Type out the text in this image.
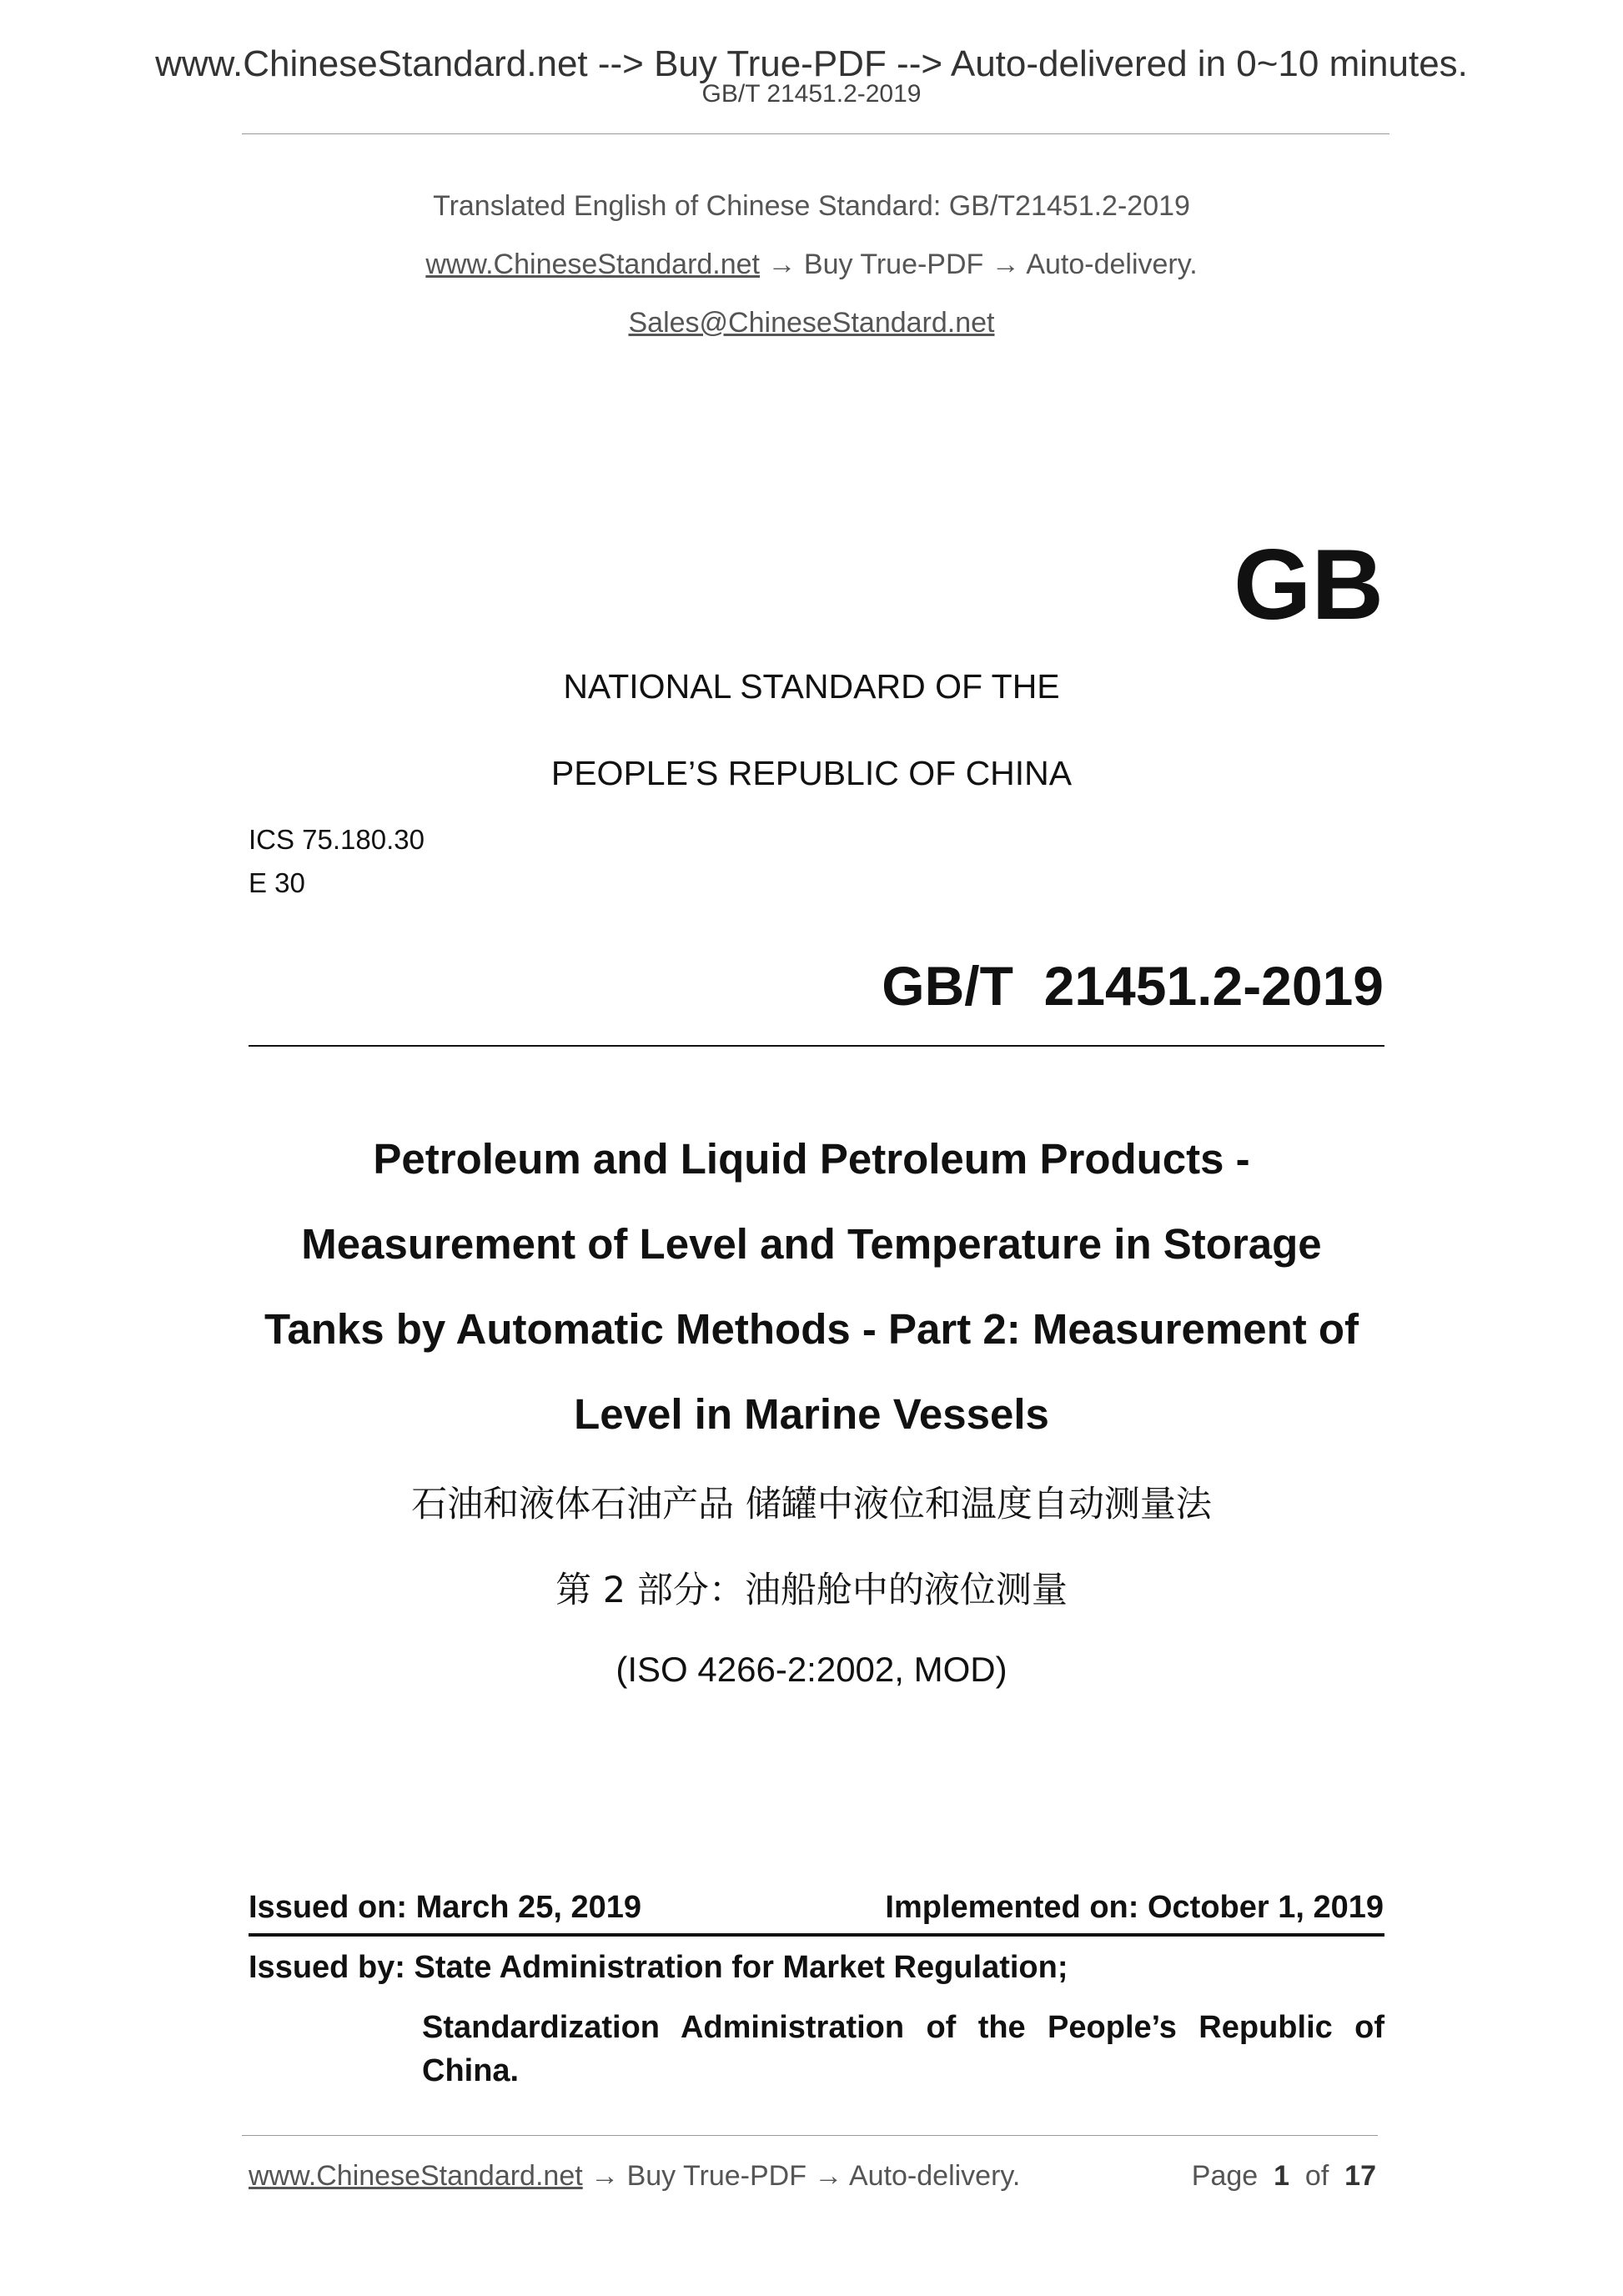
www.ChineseStandard.net --> Buy True-PDF --> Auto-delivered in 0~10 minutes.
GB/T 21451.2-2019
Translated English of Chinese Standard: GB/T21451.2-2019
www.ChineseStandard.net → Buy True-PDF → Auto-delivery.
Sales@ChineseStandard.net
GB
NATIONAL STANDARD OF THE
PEOPLE’S REPUBLIC OF CHINA
ICS 75.180.30
E 30
GB/T  21451.2-2019
Petroleum and Liquid Petroleum Products -
Measurement of Level and Temperature in Storage
Tanks by Automatic Methods - Part 2: Measurement of
Level in Marine Vessels
石油和液体石油产品 储罐中液位和温度自动测量法
第 2 部分：油船舱中的液位测量
(ISO 4266-2:2002, MOD)
Issued on: March 25, 2019	Implemented on: October 1, 2019
Issued by: State Administration for Market Regulation;
Standardization Administration of the People’s Republic of
China.
www.ChineseStandard.net → Buy True-PDF → Auto-delivery.	Page 1 of 17
